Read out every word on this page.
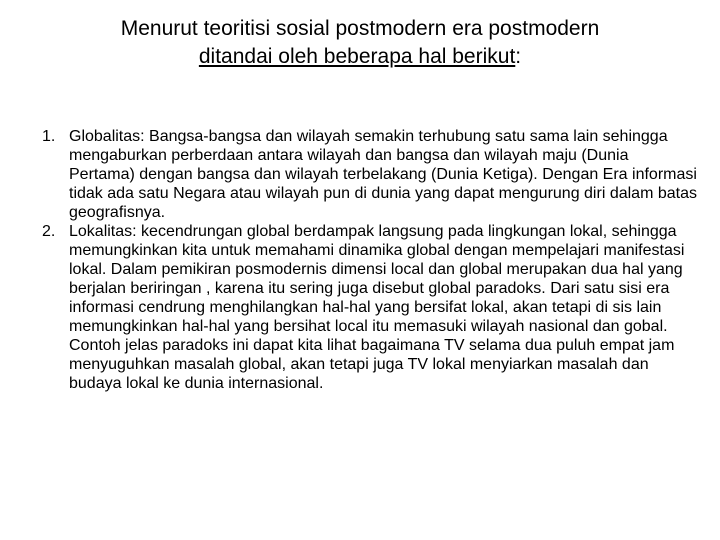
Menurut teoritisi sosial postmodern era postmodern
ditandai oleh beberapa hal berikut:
1. Globalitas: Bangsa-bangsa dan wilayah semakin terhubung satu sama lain sehingga mengaburkan perberdaan antara wilayah dan bangsa dan wilayah maju (Dunia Pertama) dengan bangsa dan wilayah terbelakang (Dunia Ketiga). Dengan Era informasi tidak ada satu Negara atau wilayah pun di dunia yang dapat mengurung diri dalam batas geografisnya.
2. Lokalitas: kecendrungan global berdampak langsung pada lingkungan lokal, sehingga memungkinkan kita untuk memahami dinamika global dengan mempelajari manifestasi lokal. Dalam pemikiran posmodernis dimensi local dan global merupakan dua hal yang berjalan beriringan , karena itu sering juga disebut global paradoks. Dari satu sisi era informasi cendrung menghilangkan hal-hal yang bersifat lokal, akan tetapi di sis lain memungkinkan hal-hal yang bersihat local itu memasuki wilayah nasional dan gobal. Contoh jelas paradoks ini dapat kita lihat bagaimana TV selama dua puluh empat jam menyuguhkan masalah global, akan tetapi juga TV lokal menyiarkan masalah dan budaya lokal ke dunia internasional.
